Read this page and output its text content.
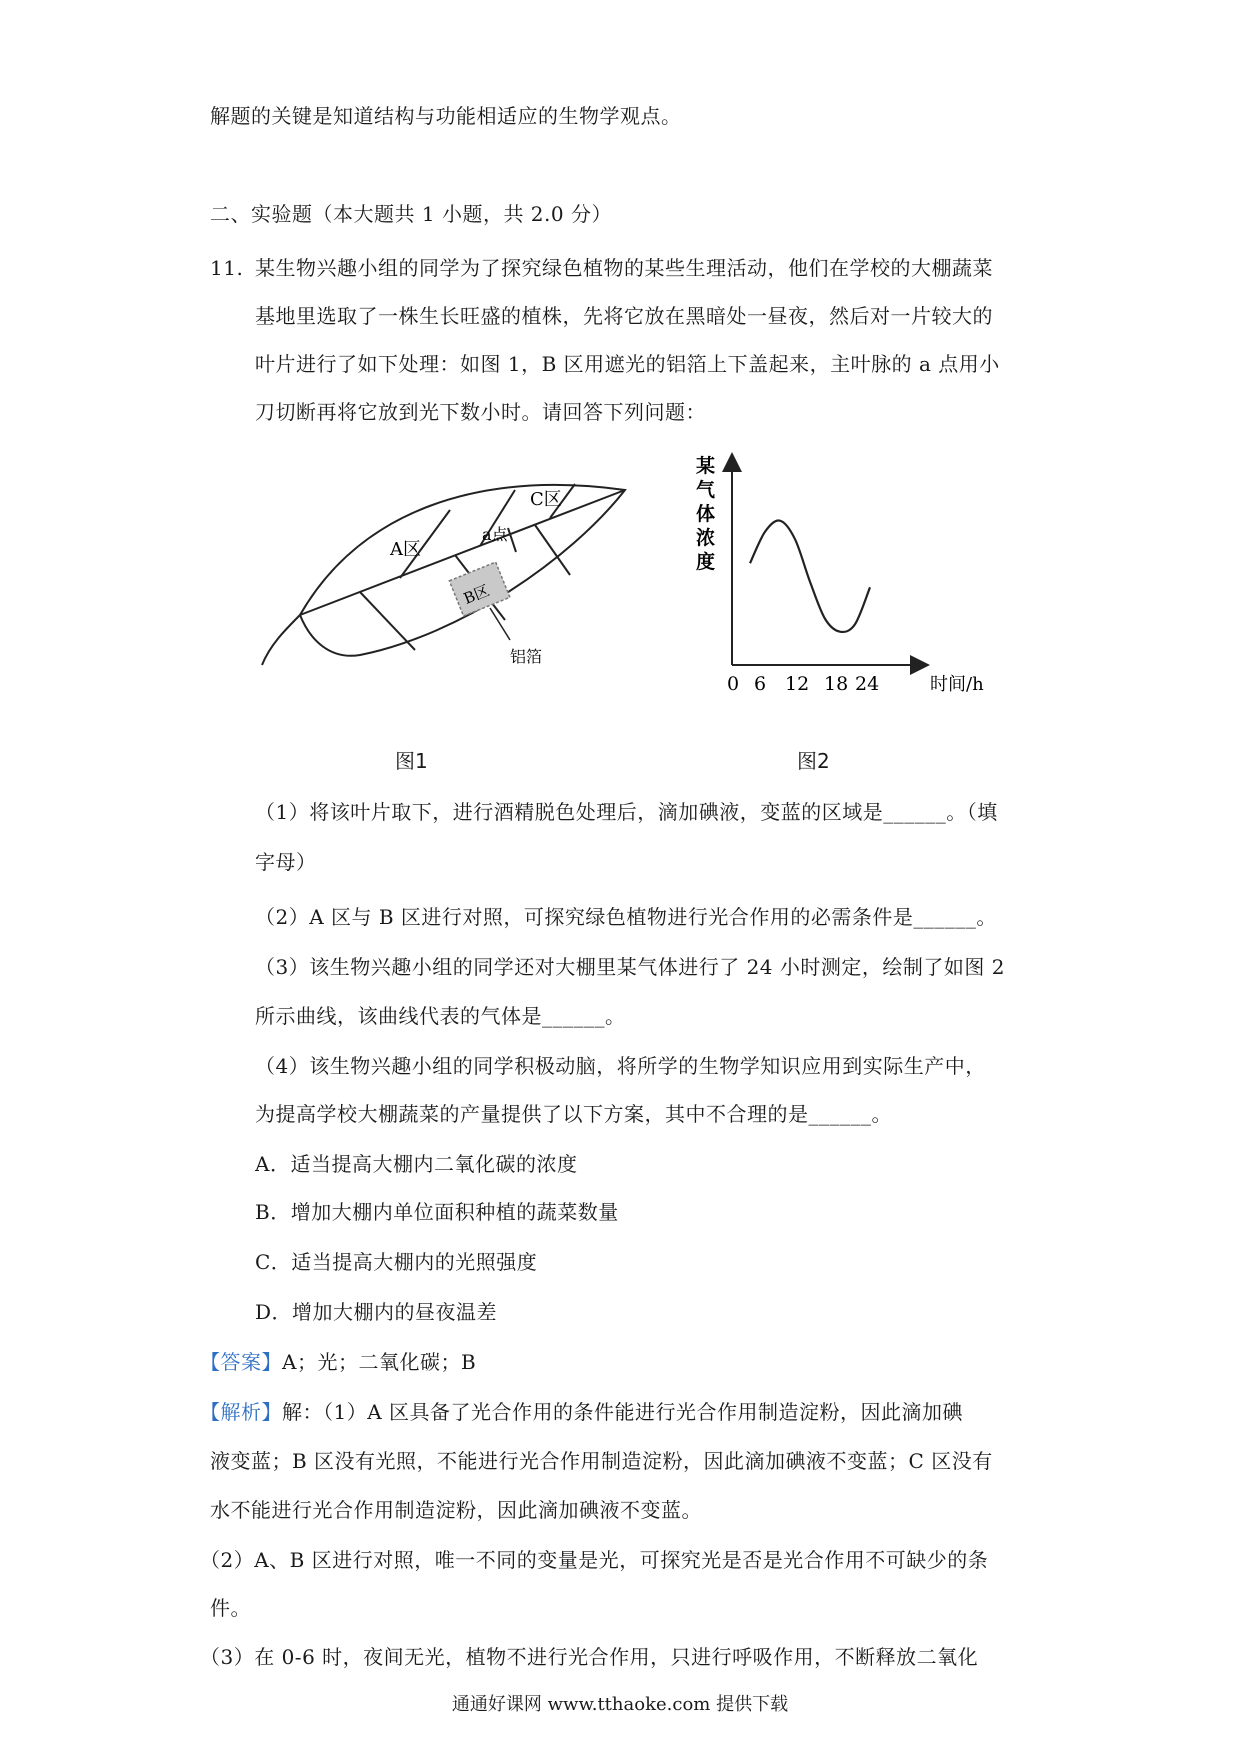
解题的关键是知道结构与功能相适应的生物学观点。
二、实验题（本大题共 1 小题，共 2.0 分）
11. 某生物兴趣小组的同学为了探究绿色植物的某些生理活动，他们在学校的大棚蔬菜
基地里选取了一株生长旺盛的植株，先将它放在黑暗处一昼夜，然后对一片较大的
叶片进行了如下处理：如图 1，B 区用遮光的铝箔上下盖起来，主叶脉的 a 点用小
刀切断再将它放到光下数小时。请回答下列问题：
A区
B区
C区
a点
铝箔
图1
某
气
体
浓
度
0 6 12 18 24	时间/h
图2
（1）将该叶片取下，进行酒精脱色处理后，滴加碘液，变蓝的区域是______。（填
字母）
（2）A 区与 B 区进行对照，可探究绿色植物进行光合作用的必需条件是______。
（3）该生物兴趣小组的同学还对大棚里某气体进行了 24 小时测定，绘制了如图 2
所示曲线，该曲线代表的气体是______。
（4）该生物兴趣小组的同学积极动脑，将所学的生物学知识应用到实际生产中，
为提高学校大棚蔬菜的产量提供了以下方案，其中不合理的是______。
A．适当提高大棚内二氧化碳的浓度
B．增加大棚内单位面积种植的蔬菜数量
C．适当提高大棚内的光照强度
D．增加大棚内的昼夜温差
【答案】A；光；二氧化碳；B
【解析】解：（1）A 区具备了光合作用的条件能进行光合作用制造淀粉，因此滴加碘
液变蓝；B 区没有光照，不能进行光合作用制造淀粉，因此滴加碘液不变蓝；C 区没有
水不能进行光合作用制造淀粉，因此滴加碘液不变蓝。
（2）A、B 区进行对照，唯一不同的变量是光，可探究光是否是光合作用不可缺少的条
件。
（3）在 0-6 时，夜间无光，植物不进行光合作用，只进行呼吸作用，不断释放二氧化
通通好课网 www.tthaoke.com 提供下载
